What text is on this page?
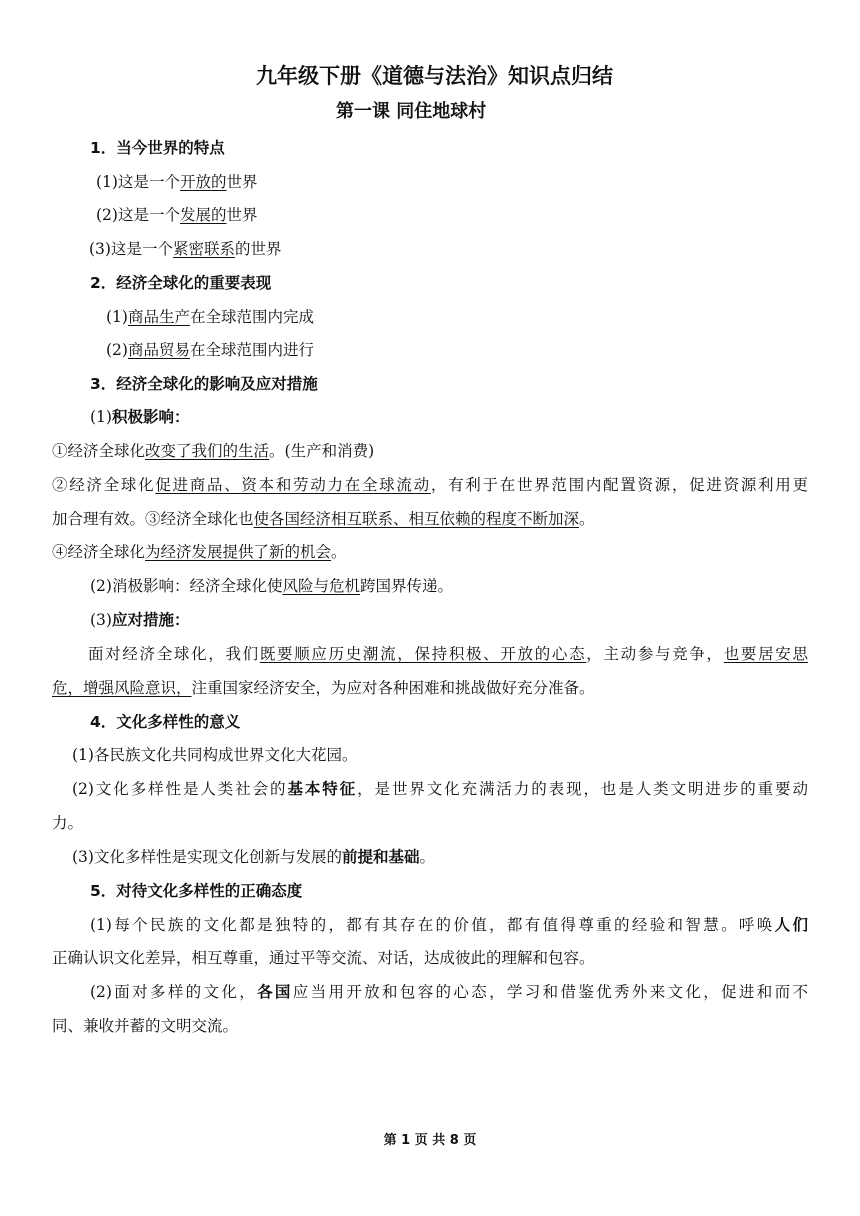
九年级下册《道德与法治》知识点归结
第一课 同住地球村
1．当今世界的特点
(1)这是一个开放的世界
(2)这是一个发展的世界
(3)这是一个紧密联系的世界
2．经济全球化的重要表现
(1)商品生产在全球范围内完成
(2)商品贸易在全球范围内进行
3．经济全球化的影响及应对措施
(1)积极影响：
①经济全球化改变了我们的生活。(生产和消费)
②经济全球化促进商品、资本和劳动力在全球流动，有利于在世界范围内配置资源，促进资源利用更
加合理有效。③经济全球化也使各国经济相互联系、相互依赖的程度不断加深。
④经济全球化为经济发展提供了新的机会。
(2)消极影响：经济全球化使风险与危机跨国界传递。
(3)应对措施：
面对经济全球化，我们既要顺应历史潮流，保持积极、开放的心态，主动参与竞争，也要居安思
危，增强风险意识，注重国家经济安全，为应对各种困难和挑战做好充分准备。
4．文化多样性的意义
(1)各民族文化共同构成世界文化大花园。
(2)文化多样性是人类社会的基本特征，是世界文化充满活力的表现，也是人类文明进步的重要动
力。
(3)文化多样性是实现文化创新与发展的前提和基础。
5．对待文化多样性的正确态度
(1)每个民族的文化都是独特的，都有其存在的价值，都有值得尊重的经验和智慧。呼唤人们
正确认识文化差异，相互尊重，通过平等交流、对话，达成彼此的理解和包容。
(2)面对多样的文化，各国应当用开放和包容的心态，学习和借鉴优秀外来文化，促进和而不
同、兼收并蓄的文明交流。
第 1 页 共 8 页
